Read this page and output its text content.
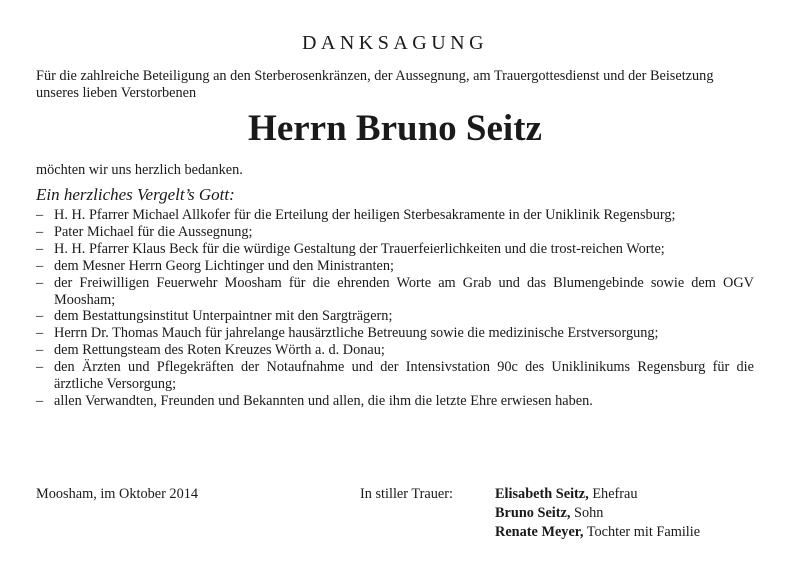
DANKSAGUNG
Für die zahlreiche Beteiligung an den Sterberosenkränzen, der Aussegnung, am Trauergottesdienst und der Beisetzung unseres lieben Verstorbenen
Herrn Bruno Seitz
möchten wir uns herzlich bedanken.
Ein herzliches Vergelt’s Gott:
– H. H. Pfarrer Michael Allkofer für die Erteilung der heiligen Sterbesakramente in der Uniklinik Regensburg;
– Pater Michael für die Aussegnung;
– H. H. Pfarrer Klaus Beck für die würdige Gestaltung der Trauerfeierlichkeiten und die trost-reichen Worte;
– dem Mesner Herrn Georg Lichtinger und den Ministranten;
– der Freiwilligen Feuerwehr Moosham für die ehrenden Worte am Grab und das Blumengebinde sowie dem OGV Moosham;
– dem Bestattungsinstitut Unterpaintner mit den Sargträgern;
– Herrn Dr. Thomas Mauch für jahrelange hausärztliche Betreuung sowie die medizinische Erstversorgung;
– dem Rettungsteam des Roten Kreuzes Wörth a. d. Donau;
– den Ärzten und Pflegekräften der Notaufnahme und der Intensivstation 90c des Uniklinikums Regensburg für die ärztliche Versorgung;
– allen Verwandten, Freunden und Bekannten und allen, die ihm die letzte Ehre erwiesen haben.
Moosham, im Oktober 2014	In stiller Trauer:	Elisabeth Seitz, Ehefrau
Bruno Seitz, Sohn
Renate Meyer, Tochter mit Familie
